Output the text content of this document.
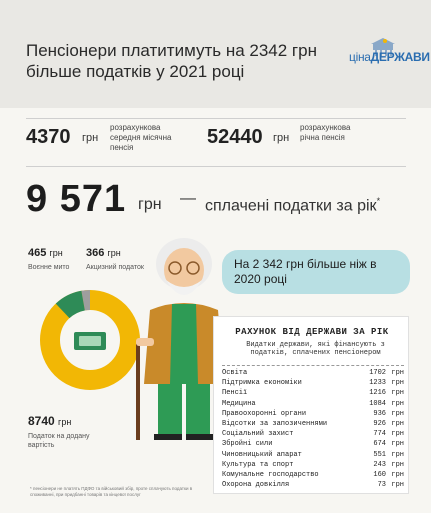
Пенсіонери платитимуть на 2342 грн більше податків у 2021 році
цінаДЕРЖАВИ
4370 грн
розрахункова середня місячна пенсія	52440 грн
розрахункова річна пенсія
9 571 грн — сплачені податки за рік*
465 грн
Воєнне мито
366 грн
Акцизний податок
8740 грн
Податок на додану вартість
На 2 342 грн більше ніж в 2020 році
РАХУНОК ВІД ДЕРЖАВИ ЗА РІК
Видатки держави, які фінансують з податків, сплачених пенсіонером
Освіта	1702 грн
Підтримка економіки	1233 грн
Пенсії	1216 грн
Медицина	1084 грн
Правоохоронні органи	936 грн
Відсотки за запозиченнями	926 грн
Соціальний захист	774 грн
Збройні сили	674 грн
Чиновницький апарат	551 грн
Культура та спорт	243 грн
Комунальне господарство	160 грн
Охорона довкілля	73 грн
* пенсіонери не платять ПДФО та військовий збір, проте сплачують податки в споживанні, при придбанні товарів та кінцевої послуг
